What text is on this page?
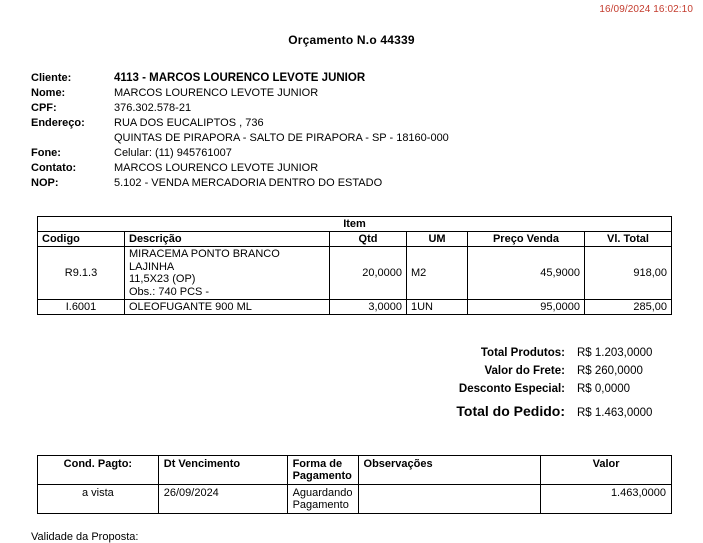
16/09/2024 16:02:10
Orçamento N.o 44339
Cliente:	4113 - MARCOS LOURENCO LEVOTE JUNIOR
Nome:	MARCOS LOURENCO LEVOTE JUNIOR
CPF:	376.302.578-21
Endereço:	RUA DOS EUCALIPTOS , 736
QUINTAS DE PIRAPORA - SALTO DE PIRAPORA - SP - 18160-000
Fone:	Celular: (11) 945761007
Contato:	MARCOS LOURENCO LEVOTE JUNIOR
NOP:	5.102 - VENDA MERCADORIA DENTRO DO ESTADO
Item					
Codigo	Descrição	Qtd	UM	Preço Venda	Vl. Total
R9.1.3	MIRACEMA PONTO BRANCO LAJINHA
11,5X23 (OP)
Obs.: 740 PCS -	20,0000	M2	45,9000	918,00
I.6001	OLEOFUGANTE 900 ML	3,0000	1UN	95,0000	285,00
Total Produtos:	R$ 1.203,0000
Valor do Frete:	R$ 260,0000
Desconto Especial:	R$ 0,0000
Total do Pedido:	R$ 1.463,0000
Cond. Pagto:	Dt Vencimento	Forma de Pagamento	Observações	Valor
a vista	26/09/2024	Aguardando Pagamento		1.463,0000
Validade da Proposta:
